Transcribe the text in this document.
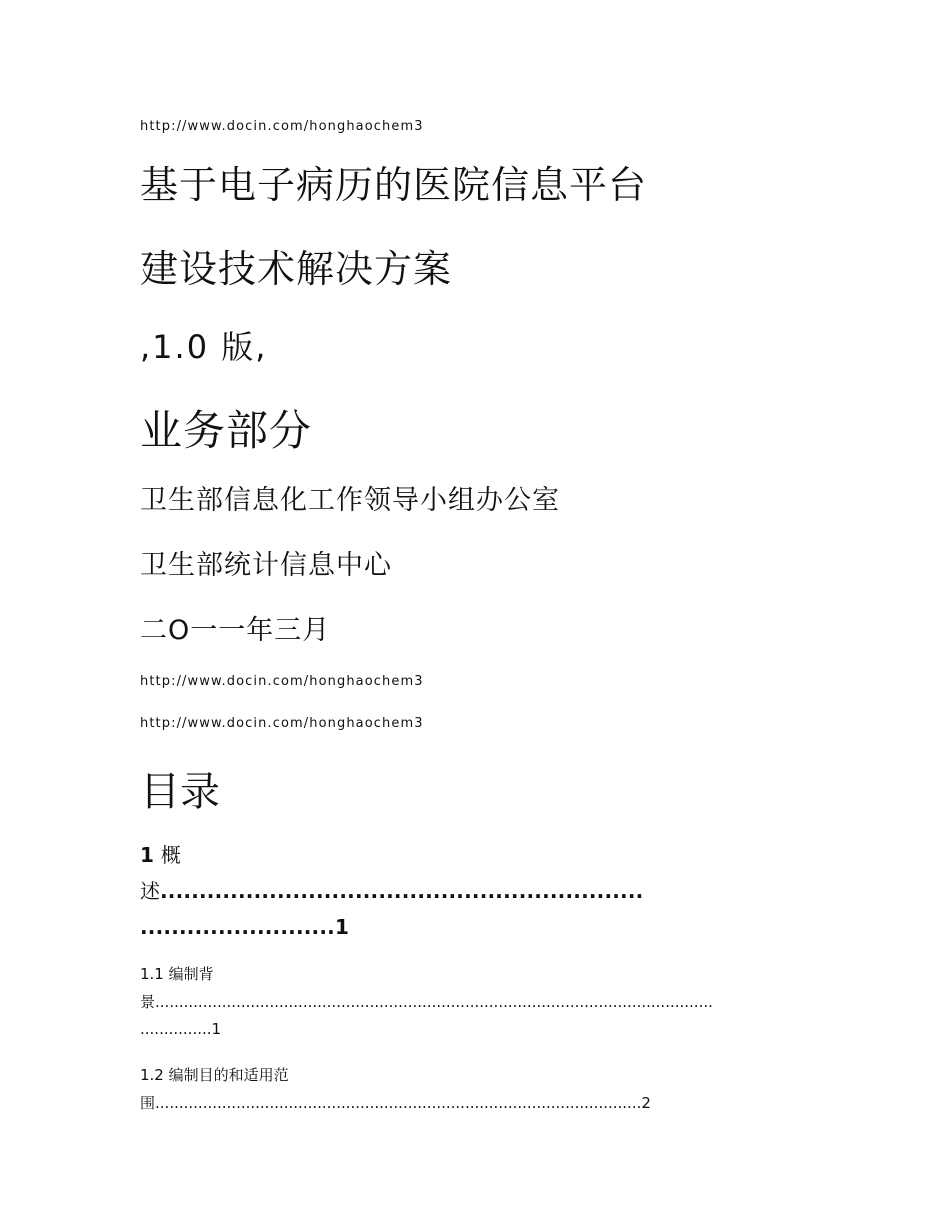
http://www.docin.com/honghaochem3
基于电子病历的医院信息平台
建设技术解决方案
,1.0 版,
业务部分
卫生部信息化工作领导小组办公室
卫生部统计信息中心
二O一一年三月
http://www.docin.com/honghaochem3
http://www.docin.com/honghaochem3
目录
1 概
述..............................................................
.........................1
1.1 编制背
景.....................................................................................................................
...............1
1.2 编制目的和适用范
围......................................................................................................2
